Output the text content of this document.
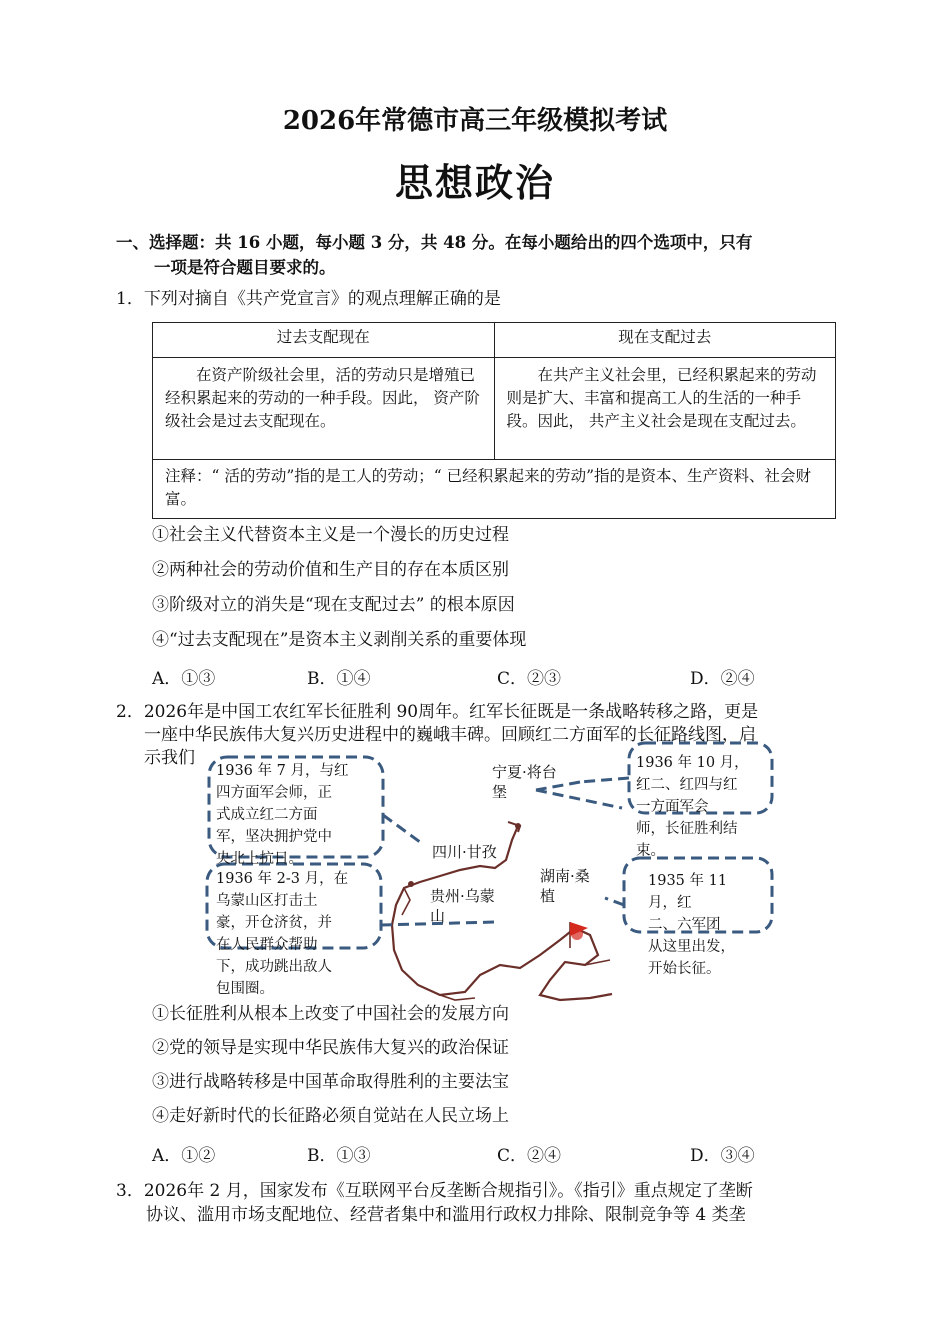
2026年常德市高三年级模拟考试
思想政治
一、选择题：共 16 小题，每小题 3 分，共 48 分。在每小题给出的四个选项中，只有
一项是符合题目要求的。
1．下列对摘自《共产党宣言》的观点理解正确的是
过去支配现在	现在支配过去
在资产阶级社会里，活的劳动只是增殖已经积累起来的劳动的一种手段。因此， 资产阶级社会是过去支配现在。	在共产主义社会里，已经积累起来的劳动则是扩大、丰富和提高工人的生活的一种手段。因此， 共产主义社会是现在支配过去。
注释：“ 活的劳动”指的是工人的劳动；“ 已经积累起来的劳动”指的是资本、生产资料、社会财富。	
①社会主义代替资本主义是一个漫长的历史过程
②两种社会的劳动价值和生产目的存在本质区别
③阶级对立的消失是“现在支配过去” 的根本原因
④“过去支配现在”是资本主义剥削关系的重要体现
A．①③	B．①④	C．②③	D．②④
2．2026年是中国工农红军长征胜利 90周年。红军长征既是一条战略转移之路，更是
一座中华民族伟大复兴历史进程中的巍峨丰碑。回顾红二方面军的长征路线图，启
示我们
1936 年 7 月，与红
四方面军会师，正
式成立红二方面
军，坚决拥护党中
央北上抗日。
1936 年 2-3 月，在
乌蒙山区打击土
豪，开仓济贫，并
在人民群众帮助
下，成功跳出敌人
包围圈。
1936 年 10 月，
红二、红四与红
一方面军会
师，长征胜利结
束。
1935 年 11
月，红
二、六军团
从这里出发，
开始长征。
宁夏·将台
堡
四川·甘孜
贵州·乌蒙
山
湖南·桑
植
①长征胜利从根本上改变了中国社会的发展方向
②党的领导是实现中华民族伟大复兴的政治保证
③进行战略转移是中国革命取得胜利的主要法宝
④走好新时代的长征路必须自觉站在人民立场上
A．①②	B．①③	C．②④	D．③④
3．2026年 2 月，国家发布《互联网平台反垄断合规指引》。《指引》重点规定了垄断
协议、滥用市场支配地位、经营者集中和滥用行政权力排除、限制竞争等 4 类垄
